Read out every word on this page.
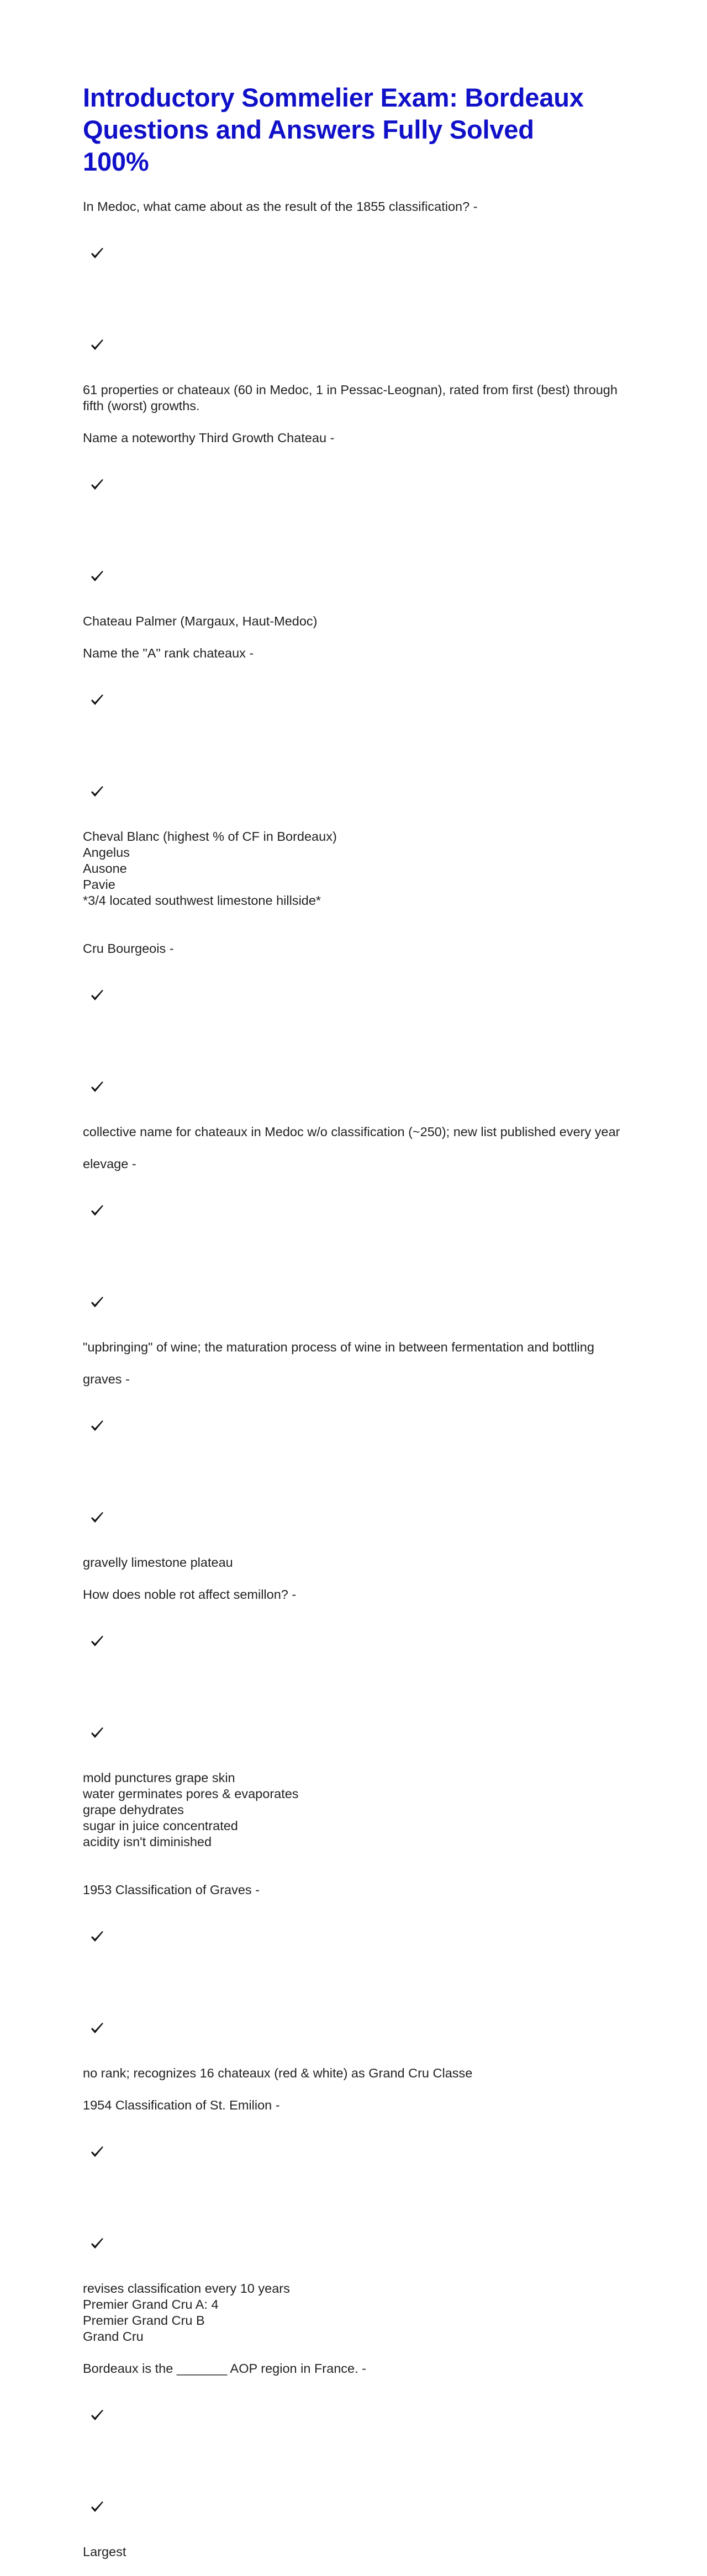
Introductory Sommelier Exam: Bordeaux
Questions and Answers Fully Solved
100%
In Medoc, what came about as the result of the 1855 classification? -

61 properties or chateaux (60 in Medoc, 1 in Pessac-Leognan), rated from first (best) through fifth (worst) growths.
Name a noteworthy Third Growth Chateau -

Chateau Palmer (Margaux, Haut-Medoc)
Name the "A" rank chateaux -

Cheval Blanc (highest % of CF in Bordeaux)
Angelus
Ausone
Pavie
*3/4 located southwest limestone hillside*
Cru Bourgeois -

collective name for chateaux in Medoc w/o classification (~250); new list published every year
elevage -

"upbringing" of wine; the maturation process of wine in between fermentation and bottling
graves -

gravelly limestone plateau
How does noble rot affect semillon? -

mold punctures grape skin
water germinates pores & evaporates
grape dehydrates
sugar in juice concentrated
acidity isn't diminished
1953 Classification of Graves -

no rank; recognizes 16 chateaux (red & white) as Grand Cru Classe
1954 Classification of St. Emilion -

revises classification every 10 years
Premier Grand Cru A: 4
Premier Grand Cru B
Grand Cru
Bordeaux is the _______ AOP region in France. -

Largest
